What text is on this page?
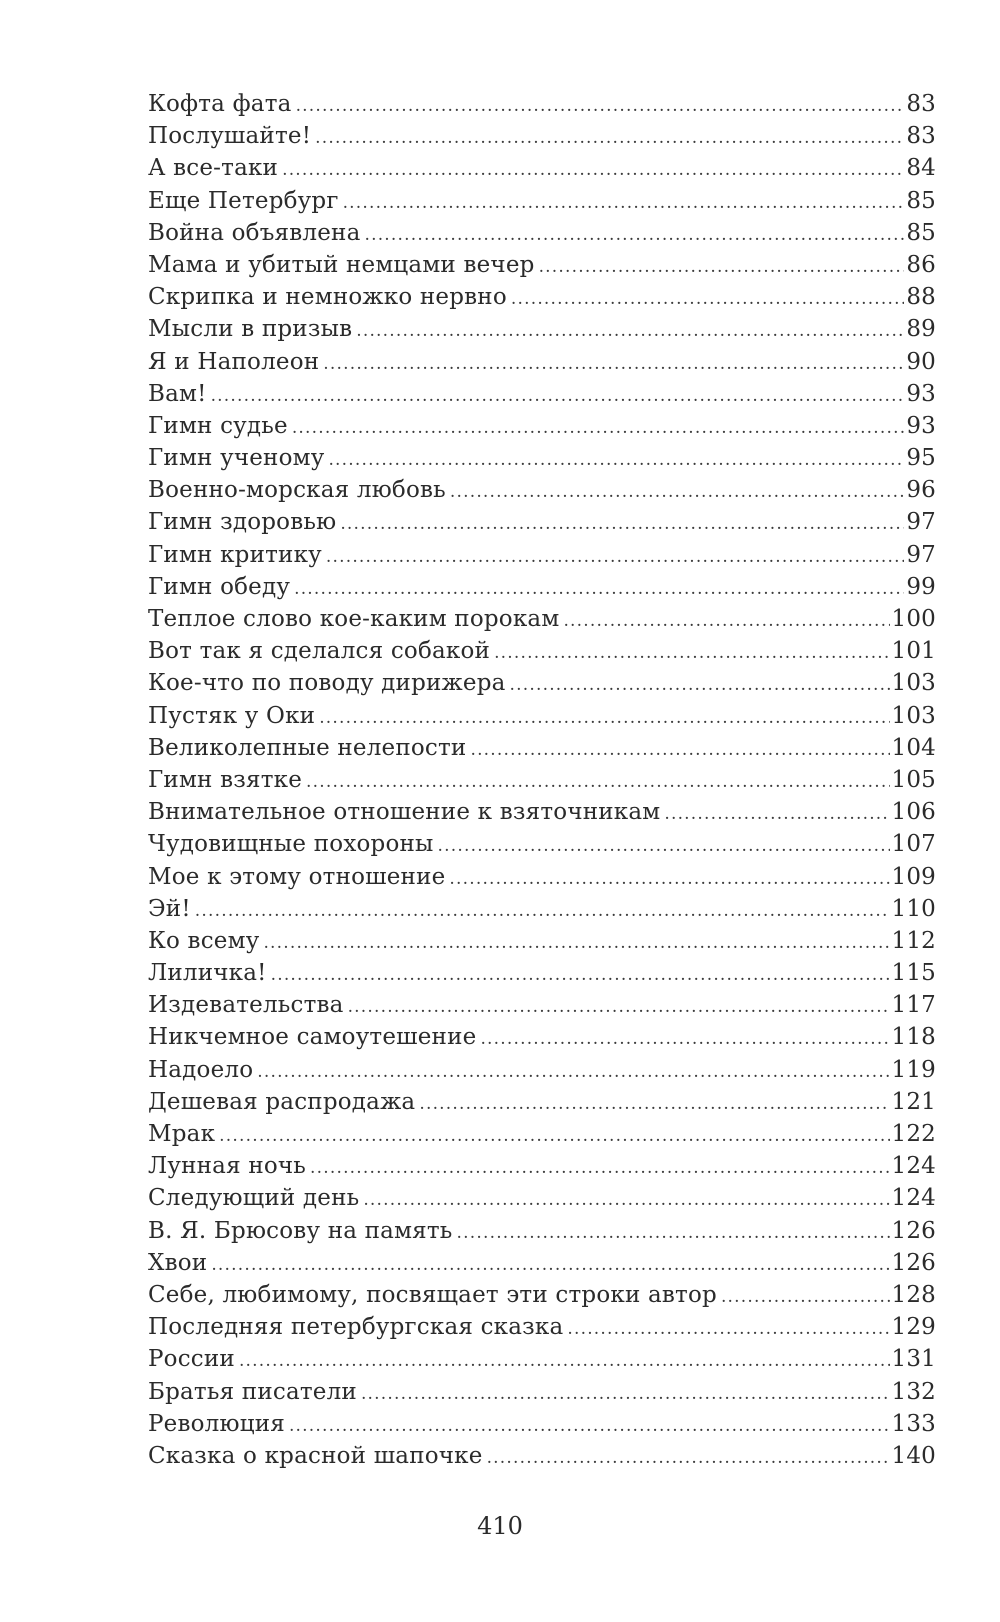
Кофта фата . . .	83
Послушайте! . . .	83
А все-таки . . .	84
Еще Петербург . . .	85
Война объявлена . . .	85
Мама и убитый немцами вечер . . .	86
Скрипка и немножко нервно . . .	88
Мысли в призыв . . .	89
Я и Наполеон . . .	90
Вам! . . .	93
Гимн судье . . .	93
Гимн ученому . . .	95
Военно-морская любовь . . .	96
Гимн здоровью . . .	97
Гимн критику . . .	97
Гимн обеду . . .	99
Теплое слово кое-каким порокам . . .	100
Вот так я сделался собакой . . .	101
Кое-что по поводу дирижера . . .	103
Пустяк у Оки . . .	103
Великолепные нелепости . . .	104
Гимн взятке . . .	105
Внимательное отношение к взяточникам . . .	106
Чудовищные похороны . . .	107
Мое к этому отношение . . .	109
Эй! . . .	110
Ко всему . . .	112
Лиличка! . . .	115
Издевательства . . .	117
Никчемное самоутешение . . .	118
Надоело . . .	119
Дешевая распродажа . . .	121
Мрак . . .	122
Лунная ночь . . .	124
Следующий день . . .	124
В. Я. Брюсову на память . . .	126
Хвои . . .	126
Себе, любимому, посвящает эти строки автор . . .	128
Последняя петербургская сказка . . .	129
России . . .	131
Братья писатели . . .	132
Революция . . .	133
Сказка о красной шапочке . . .	140
410
